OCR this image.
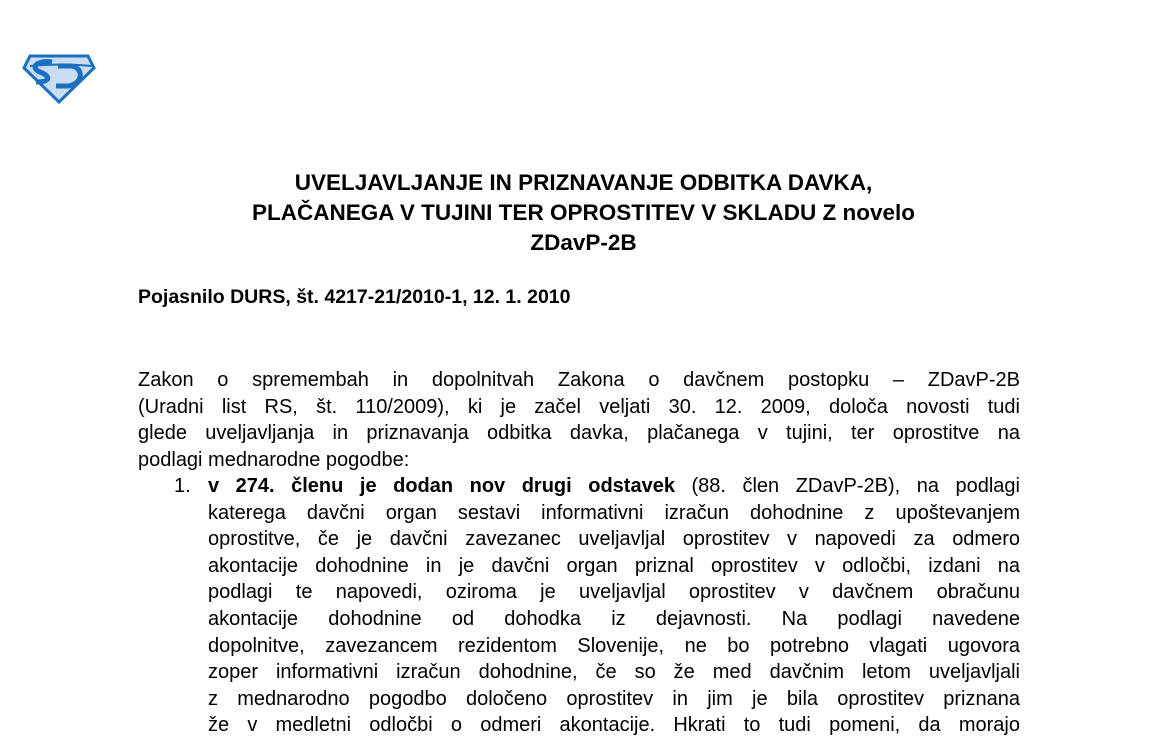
UVELJAVLJANJE IN PRIZNAVANJE ODBITKA DAVKA,
PLAČANEGA V TUJINI TER OPROSTITEV V SKLADU Z novelo
ZDavP-2B
Pojasnilo DURS, št. 4217-21/2010-1, 12. 1. 2010
Zakon o spremembah in dopolnitvah Zakona o davčnem postopku – ZDavP-2B
(Uradni list RS, št. 110/2009), ki je začel veljati 30. 12. 2009, določa novosti tudi
glede uveljavljanja in priznavanja odbitka davka, plačanega v tujini, ter oprostitve na
podlagi mednarodne pogodbe:
1. v 274. členu je dodan nov drugi odstavek (88. člen ZDavP-2B), na podlagi
katerega davčni organ sestavi informativni izračun dohodnine z upoštevanjem
oprostitve, če je davčni zavezanec uveljavljal oprostitev v napovedi za odmero
akontacije dohodnine in je davčni organ priznal oprostitev v odločbi, izdani na
podlagi te napovedi, oziroma je uveljavljal oprostitev v davčnem obračunu
akontacije dohodnine od dohodka iz dejavnosti. Na podlagi navedene
dopolnitve, zavezancem rezidentom Slovenije, ne bo potrebno vlagati ugovora
zoper informativni izračun dohodnine, če so že med davčnim letom uveljavljali
z mednarodno pogodbo določeno oprostitev in jim je bila oprostitev priznana
že v medletni odločbi o odmeri akontacije. Hkrati to tudi pomeni, da morajo
